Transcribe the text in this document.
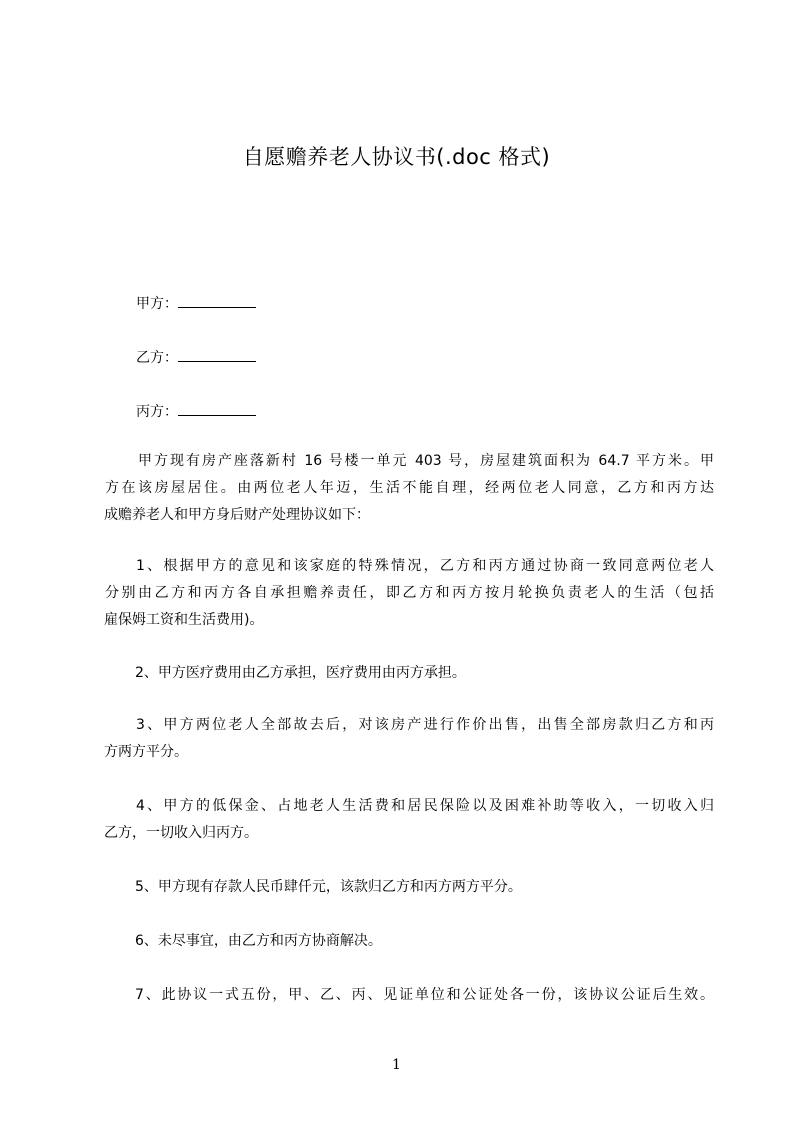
自愿赡养老人协议书(.doc 格式)
甲方：
乙方：
丙方：
甲方现有房产座落新村 16 号楼一单元 403 号，房屋建筑面积为 64.7 平方米。甲
方在该房屋居住。由两位老人年迈，生活不能自理，经两位老人同意，乙方和丙方达
成赡养老人和甲方身后财产处理协议如下：
1、根据甲方的意见和该家庭的特殊情况，乙方和丙方通过协商一致同意两位老人
分别由乙方和丙方各自承担赡养责任，即乙方和丙方按月轮换负责老人的生活（包括
雇保姆工资和生活费用)。
2、甲方医疗费用由乙方承担，医疗费用由丙方承担。
3、甲方两位老人全部故去后，对该房产进行作价出售，出售全部房款归乙方和丙
方两方平分。
4、甲方的低保金、占地老人生活费和居民保险以及困难补助等收入，一切收入归
乙方，一切收入归丙方。
5、甲方现有存款人民币肆仟元，该款归乙方和丙方两方平分。
6、未尽事宜，由乙方和丙方协商解决。
7、此协议一式五份，甲、乙、丙、见证单位和公证处各一份，该协议公证后生效。
1
